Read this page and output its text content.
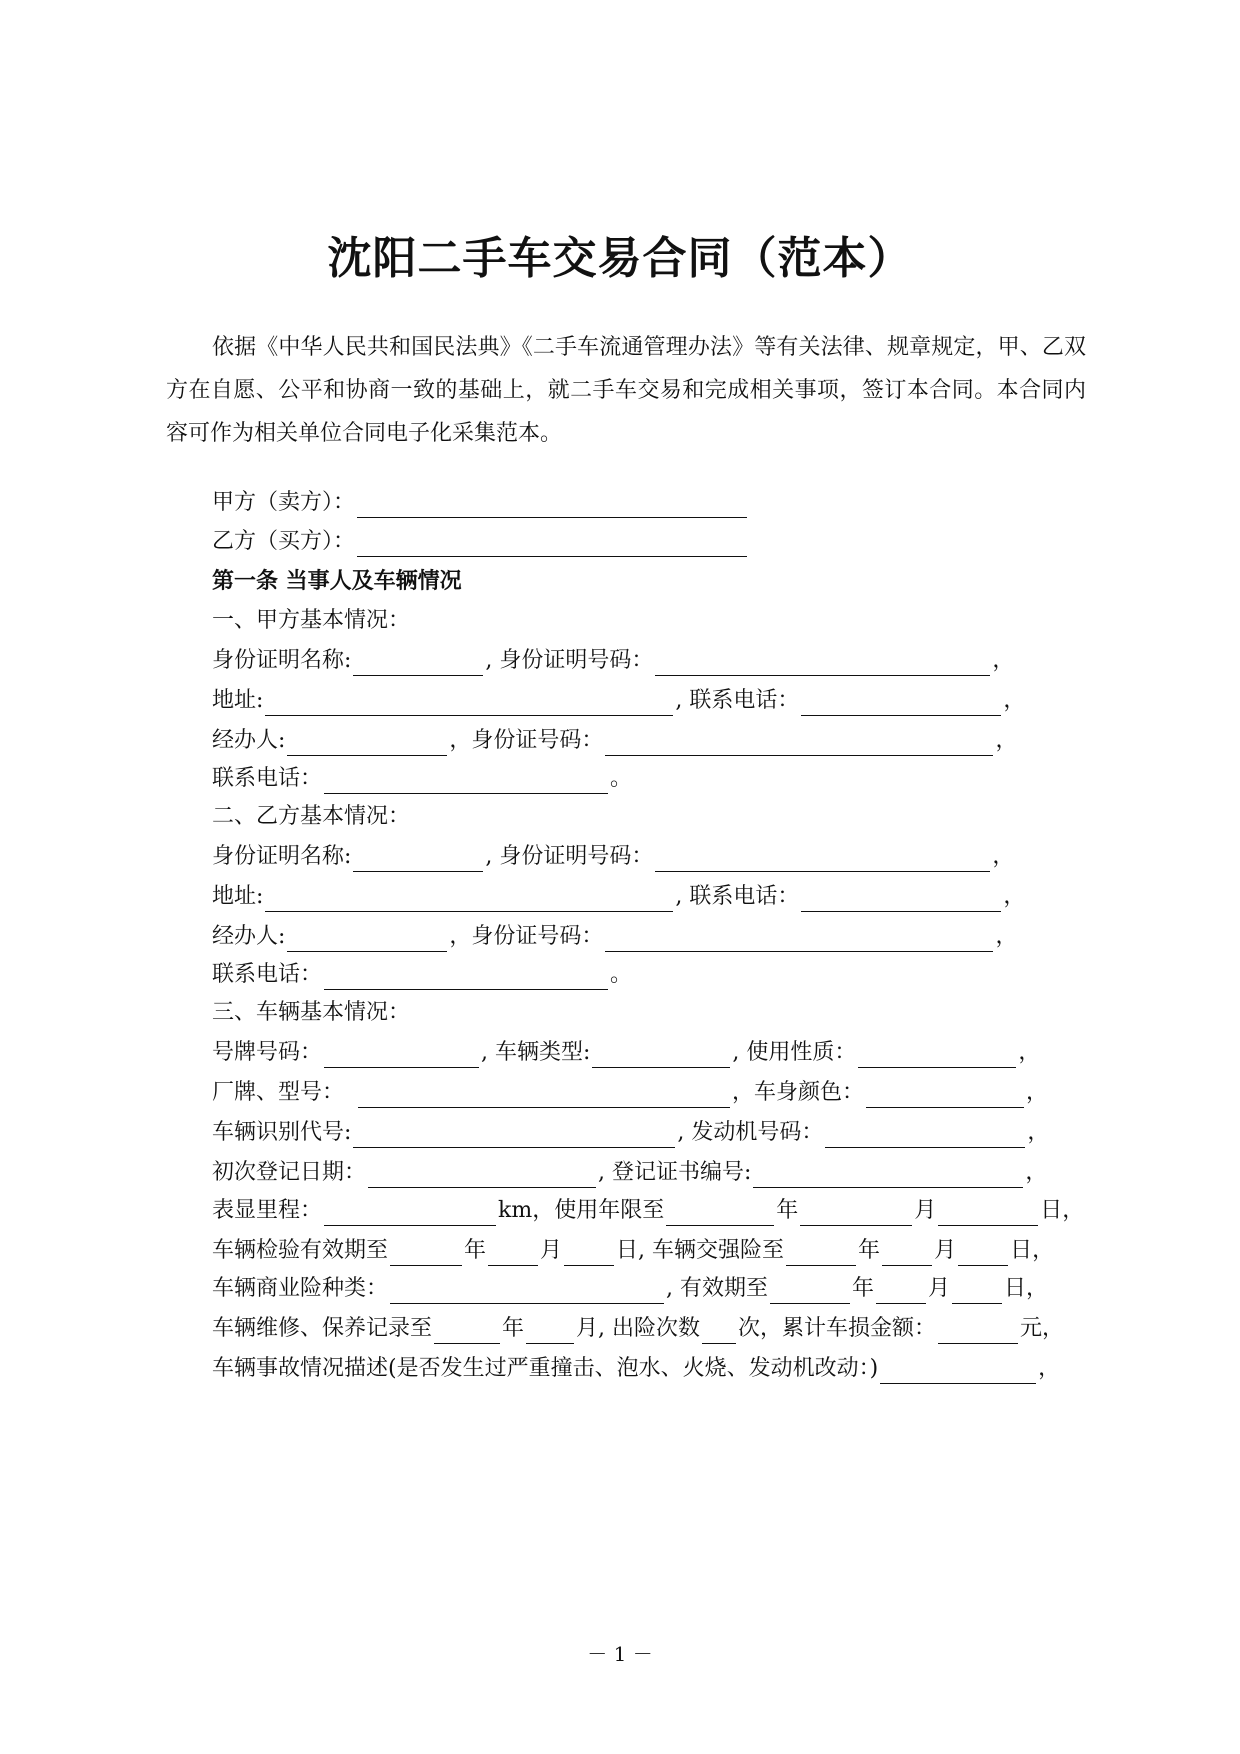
沈阳二手车交易合同（范本）

依据《中华人民共和国民法典》《二手车流通管理办法》等有关法律、规章规定，甲、乙双方在自愿、公平和协商一致的基础上，就二手车交易和完成相关事项，签订本合同。本合同内容可作为相关单位合同电子化采集范本。

甲方（卖方）：
乙方（买方）：
第一条 当事人及车辆情况
一、甲方基本情况：
身份证明名称:	, 身份证明号码：	，
地址:	, 联系电话：	，
经办人:	，身份证号码：	，
联系电话：	。
二、乙方基本情况：
身份证明名称:	, 身份证明号码：	，
地址:	, 联系电话：	，
经办人:	，身份证号码：	，
联系电话：	。
三、车辆基本情况：
号牌号码：	, 车辆类型:	, 使用性质：	，
厂牌、型号：	，车身颜色：	，
车辆识别代号:	, 发动机号码：	，
初次登记日期：	, 登记证书编号:	，
表显里程：	km，使用年限至	年	月	日，
车辆检验有效期至	年 月 日, 车辆交强险至	年 月 日，
车辆商业险种类：	, 有效期至	年 月 日，
车辆维修、保养记录至	年 月, 出险次数 次，累计车损金额：	元，
车辆事故情况描述(是否发生过严重撞击、泡水、火烧、发动机改动：)	，
－ 1 －
